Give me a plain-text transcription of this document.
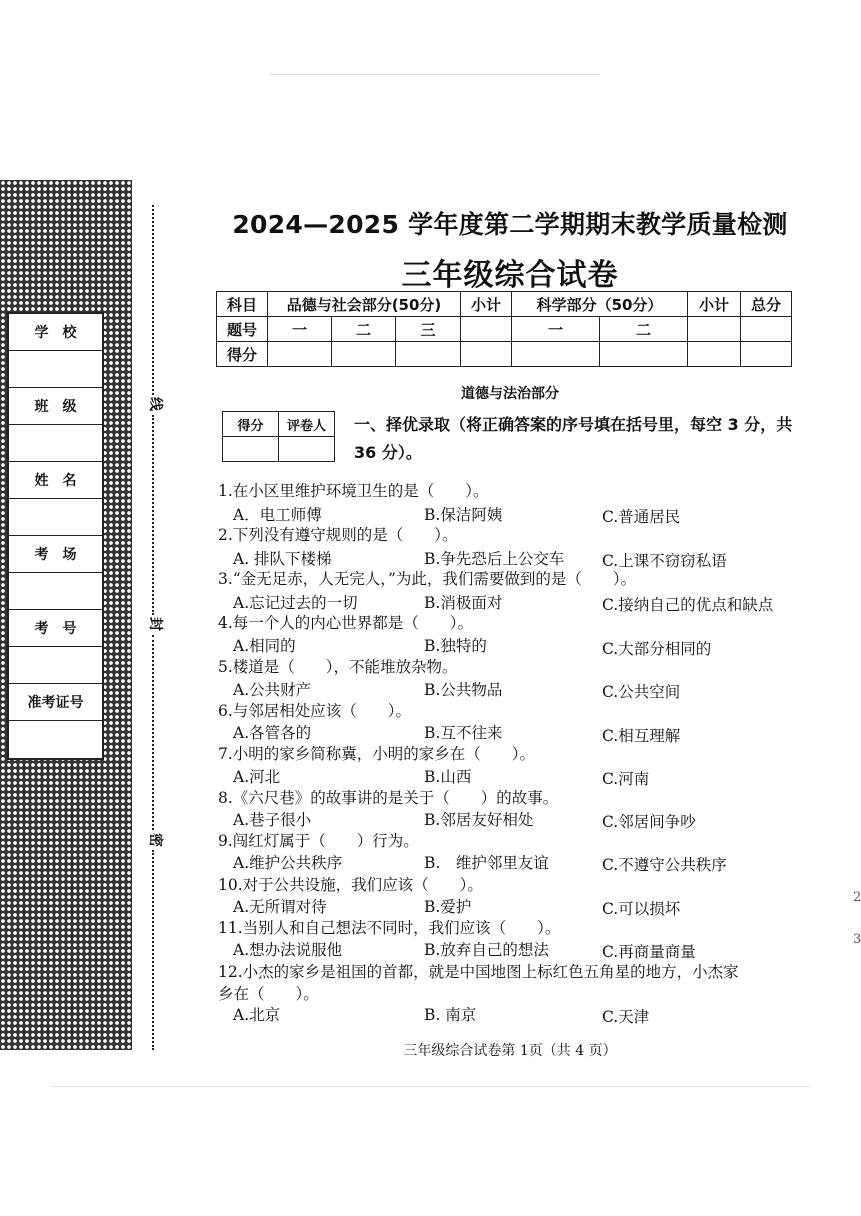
学　校
班　级
姓　名
考　场
考　号
准考证号
线
封
密
2024—2025 学年度第二学期期末教学质量检测
三年级综合试卷
科目	品德与社会部分(50分)			小计	科学部分（50分）		小计	总分
题号	一	二	三		一	二		
得分								
道德与法治部分
得分	评卷人
	一、择优录取（将正确答案的序号填在括号里，每空 3 分，共 36 分）。
1.在小区里维护环境卫生的是（　　）。
A．电工师傅	B.保洁阿姨	C.普通居民
2.下列没有遵守规则的是（　　）。
A. 排队下楼梯	B.争先恐后上公交车 C.上课不窃窃私语
3.“金无足赤，人无完人，”为此，我们需要做到的是（　　）。
A.忘记过去的一切	B.消极面对	C.接纳自己的优点和缺点
4.每一个人的内心世界都是（　　）。
A.相同的	B.独特的	C.大部分相同的
5.楼道是（　　），不能堆放杂物。
A.公共财产	B.公共物品	C.公共空间
6.与邻居相处应该（　　）。
A.各管各的	B.互不往来	C.相互理解
7.小明的家乡简称冀，小明的家乡在（　　）。
A.河北	B.山西	C.河南
8.《六尺巷》的故事讲的是关于（　　）的故事。
A.巷子很小	B.邻居友好相处	C.邻居间争吵
9.闯红灯属于（　　）行为。
A.维护公共秩序	B.　维护邻里友谊	C.不遵守公共秩序
10.对于公共设施，我们应该（　　）。
A.无所谓对待	B.爱护	C.可以损坏
11.当别人和自己想法不同时，我们应该（　　）。
A.想办法说服他	B.放弃自己的想法	C.再商量商量
12.小杰的家乡是祖国的首都，就是中国地图上标红色五角星的地方，小杰家
乡在（　　）。
A.北京	B. 南京	C.天津
三年级综合试卷第 1页（共 4 页）
2
3
